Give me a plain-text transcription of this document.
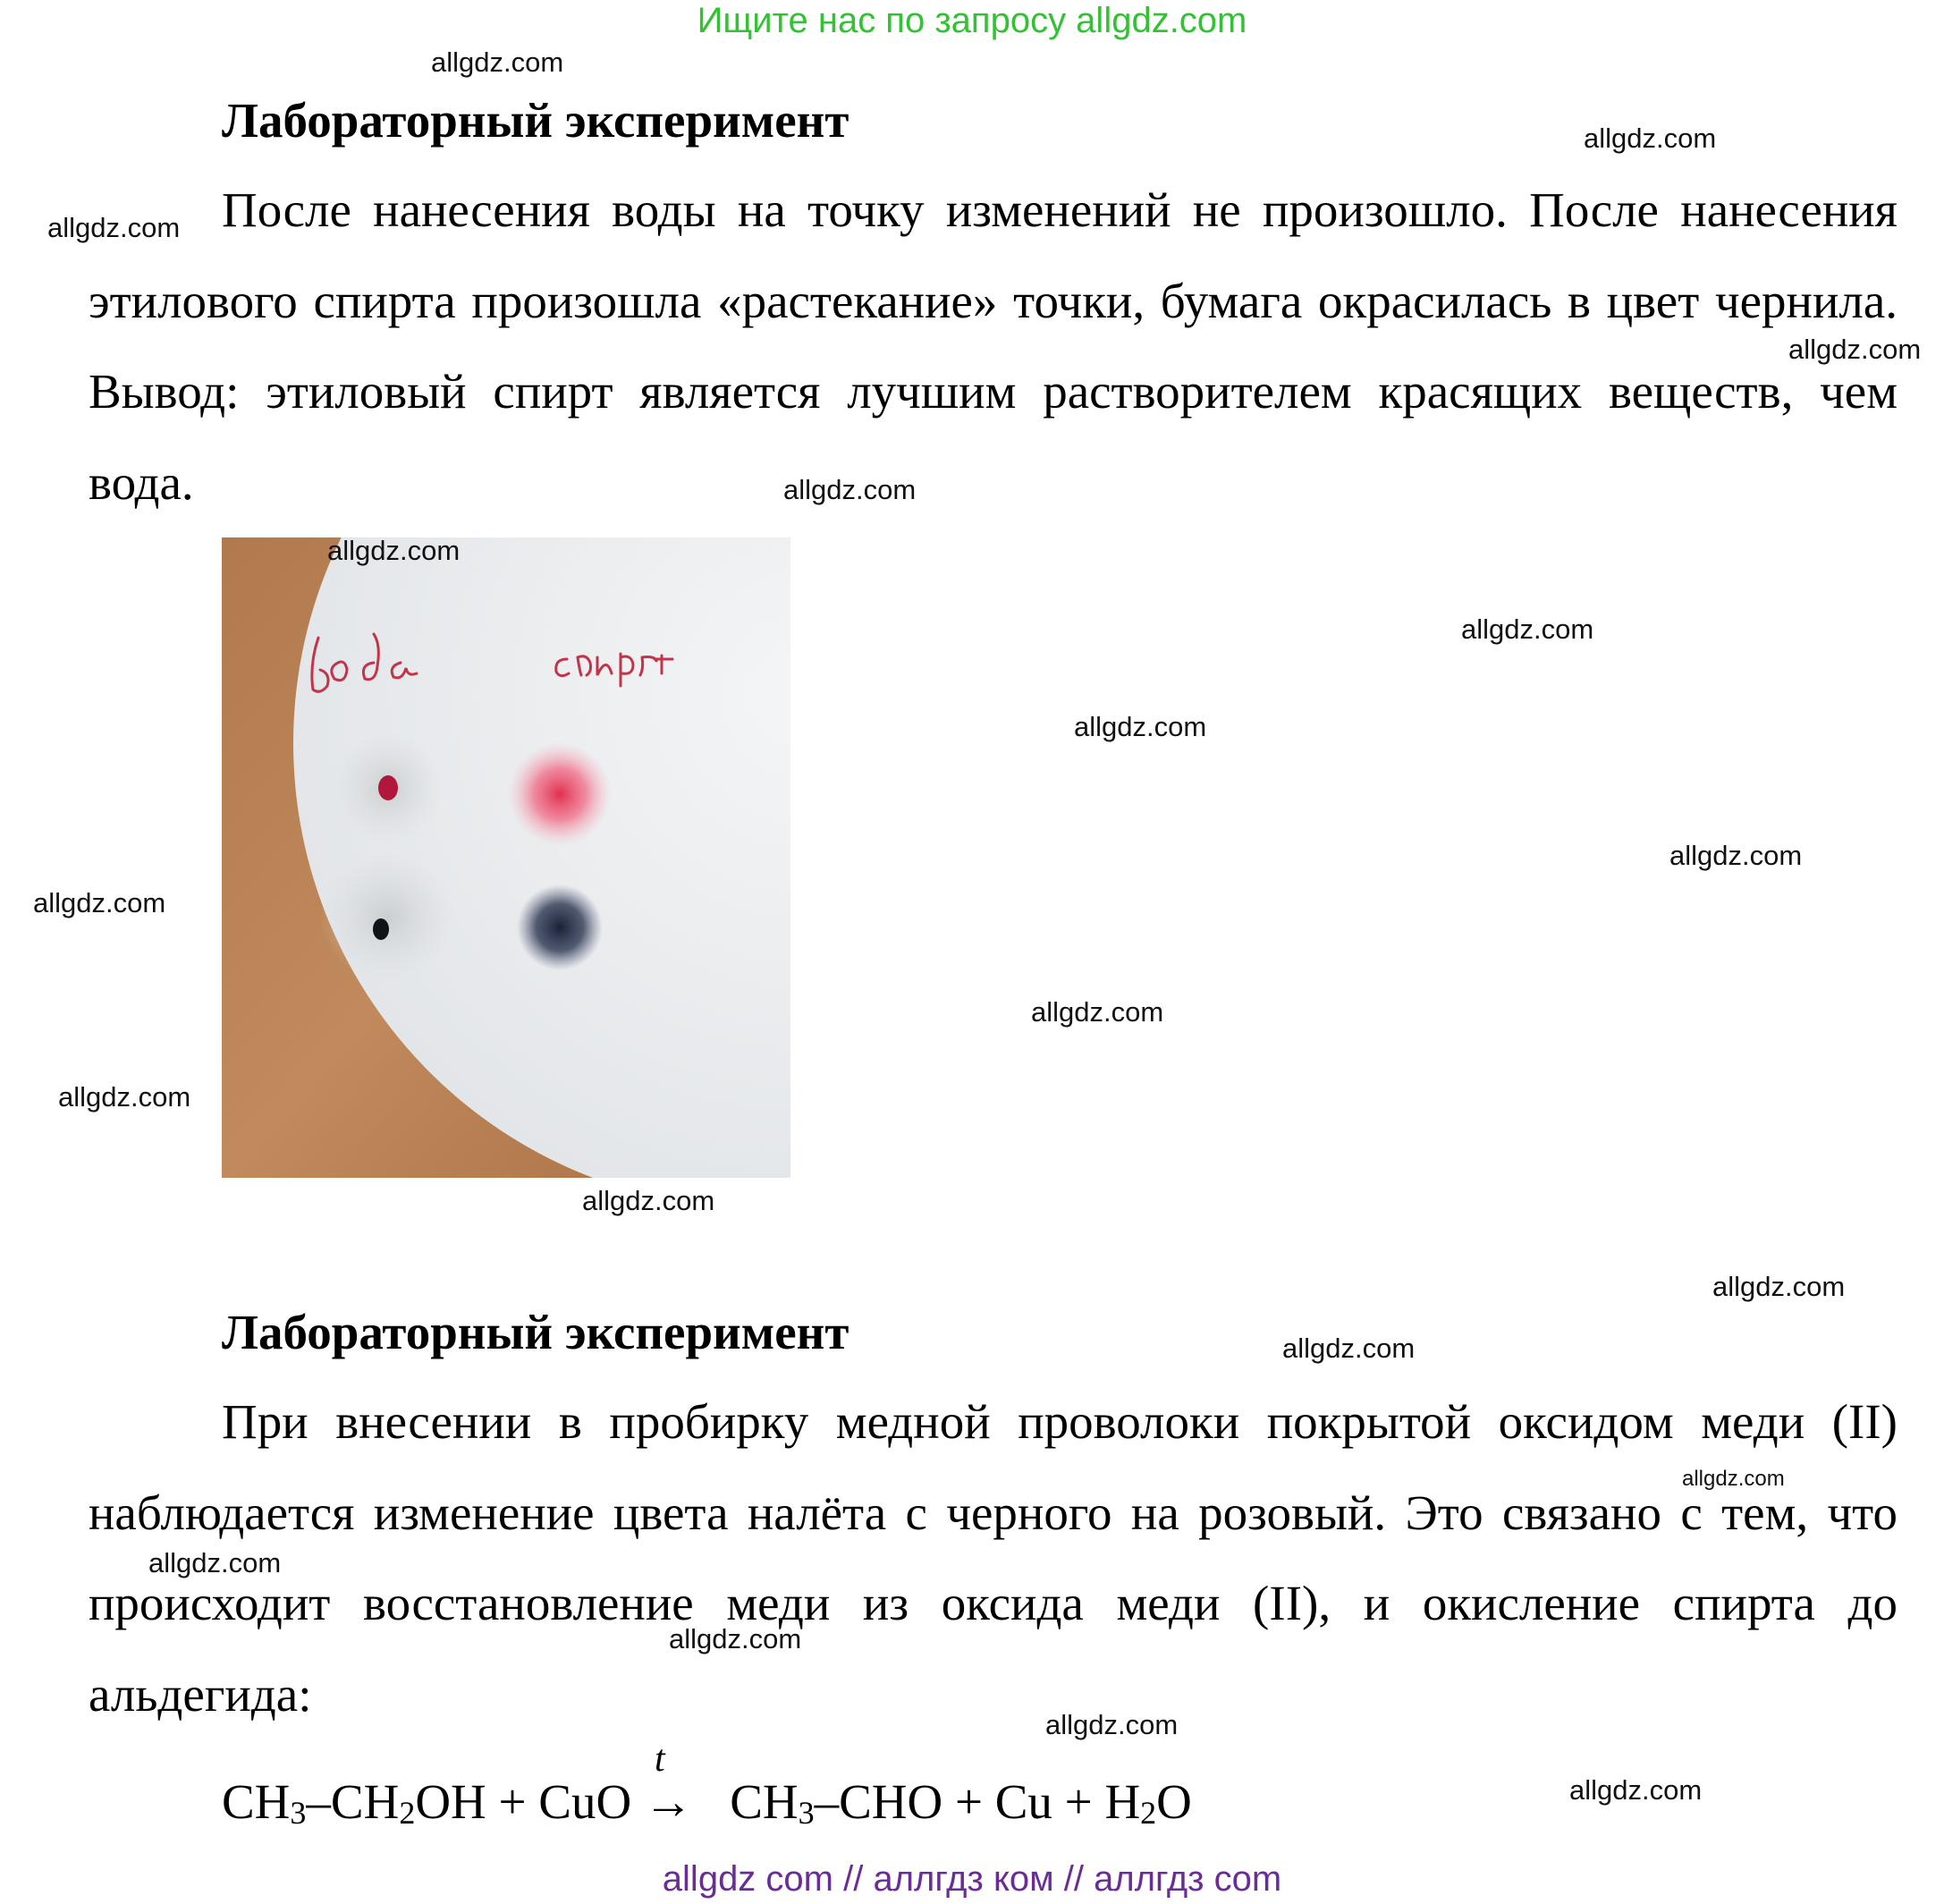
Ищите нас по запросу allgdz.com
Лабораторный эксперимент

После нанесения воды на точку изменений не произошло. После нанесения этилового спирта произошла «растекание» точки, бумага окрасилась в цвет чернила. Вывод: этиловый спирт является лучшим растворителем красящих веществ, чем вода.

Лабораторный эксперимент

При внесении в пробирку медной проволоки покрытой оксидом меди (II) наблюдается изменение цвета налёта с черного на розовый. Это связано с тем, что происходит восстановление меди из оксида меди (II), и окисление спирта до альдегида:

$CH_3-CH_2OH$ + CuO
t
→ $CH_3$–CHO + $Cu + H_2O$
allgdz.com
allgdz.com
allgdz.com
allgdz.com
allgdz.com
allgdz.com
allgdz.com
allgdz.com
allgdz.com
allgdz.com
allgdz.com
allgdz.com
allgdz.com
allgdz.com
allgdz.com
allgdz.com
allgdz.com
allgdz.com
allgdz.com
allgdz.com
allgdz com // аллгдз ком // аллгдз com
